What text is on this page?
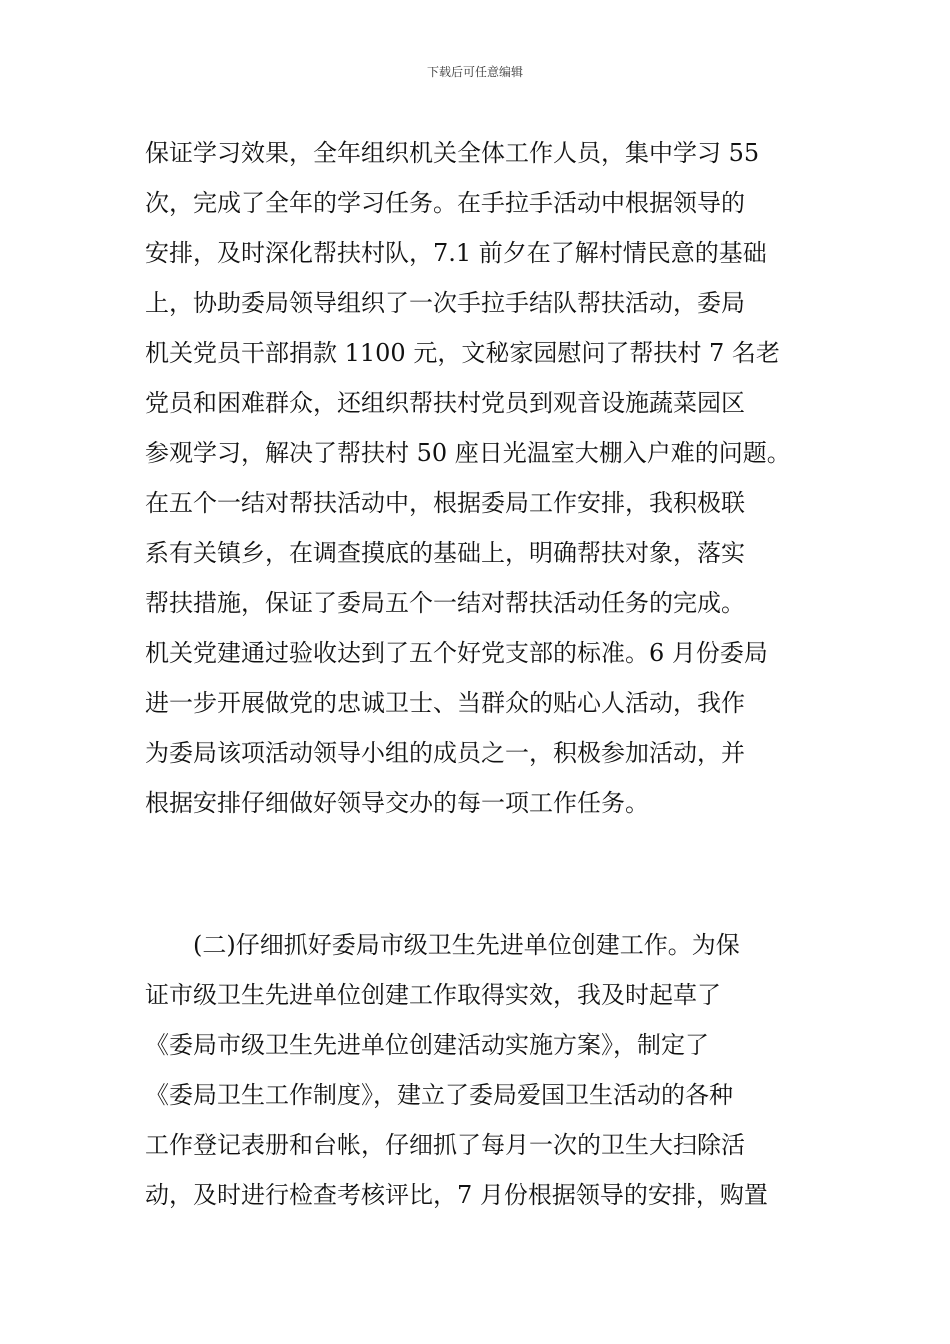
下载后可任意编辑
保证学习效果，全年组织机关全体工作人员，集中学习 55
次，完成了全年的学习任务。在手拉手活动中根据领导的
安排，及时深化帮扶村队，7.1 前夕在了解村情民意的基础
上，协助委局领导组织了一次手拉手结队帮扶活动，委局
机关党员干部捐款 1100 元，文秘家园慰问了帮扶村 7 名老
党员和困难群众，还组织帮扶村党员到观音设施蔬菜园区
参观学习，解决了帮扶村 50 座日光温室大棚入户难的问题。
在五个一结对帮扶活动中，根据委局工作安排，我积极联
系有关镇乡，在调查摸底的基础上，明确帮扶对象，落实
帮扶措施，保证了委局五个一结对帮扶活动任务的完成。
机关党建通过验收达到了五个好党支部的标准。6 月份委局
进一步开展做党的忠诚卫士、当群众的贴心人活动，我作
为委局该项活动领导小组的成员之一，积极参加活动，并
根据安排仔细做好领导交办的每一项工作任务。
　　(二)仔细抓好委局市级卫生先进单位创建工作。为保
证市级卫生先进单位创建工作取得实效，我及时起草了
《委局市级卫生先进单位创建活动实施方案》，制定了
《委局卫生工作制度》，建立了委局爱国卫生活动的各种
工作登记表册和台帐，仔细抓了每月一次的卫生大扫除活
动，及时进行检查考核评比，7 月份根据领导的安排，购置
